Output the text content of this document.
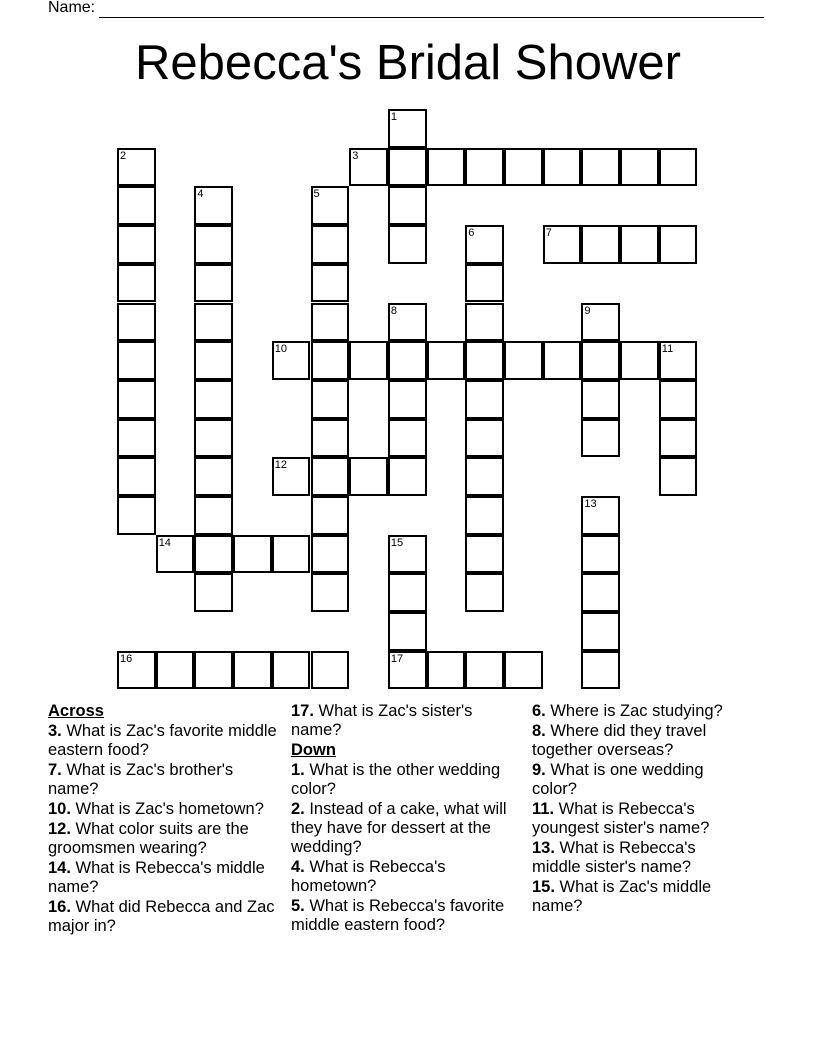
Name:
Rebecca's Bridal Shower
1
2	3
4	5
6	7
8	9
10	11
12
13
14	15
17
16
Across
3. What is Zac's favorite middle eastern food?
7. What is Zac's brother's name?
10. What is Zac's hometown?
12. What color suits are the groomsmen wearing?
14. What is Rebecca's middle name?
16. What did Rebecca and Zac major in?
17. What is Zac's sister's name?
Down
1. What is the other wedding color?
2. Instead of a cake, what will they have for dessert at the wedding?
4. What is Rebecca's hometown?
5. What is Rebecca's favorite middle eastern food?
6. Where is Zac studying?
8. Where did they travel together overseas?
9. What is one wedding color?
11. What is Rebecca's youngest sister's name?
13. What is Rebecca's middle sister's name?
15. What is Zac's middle name?
